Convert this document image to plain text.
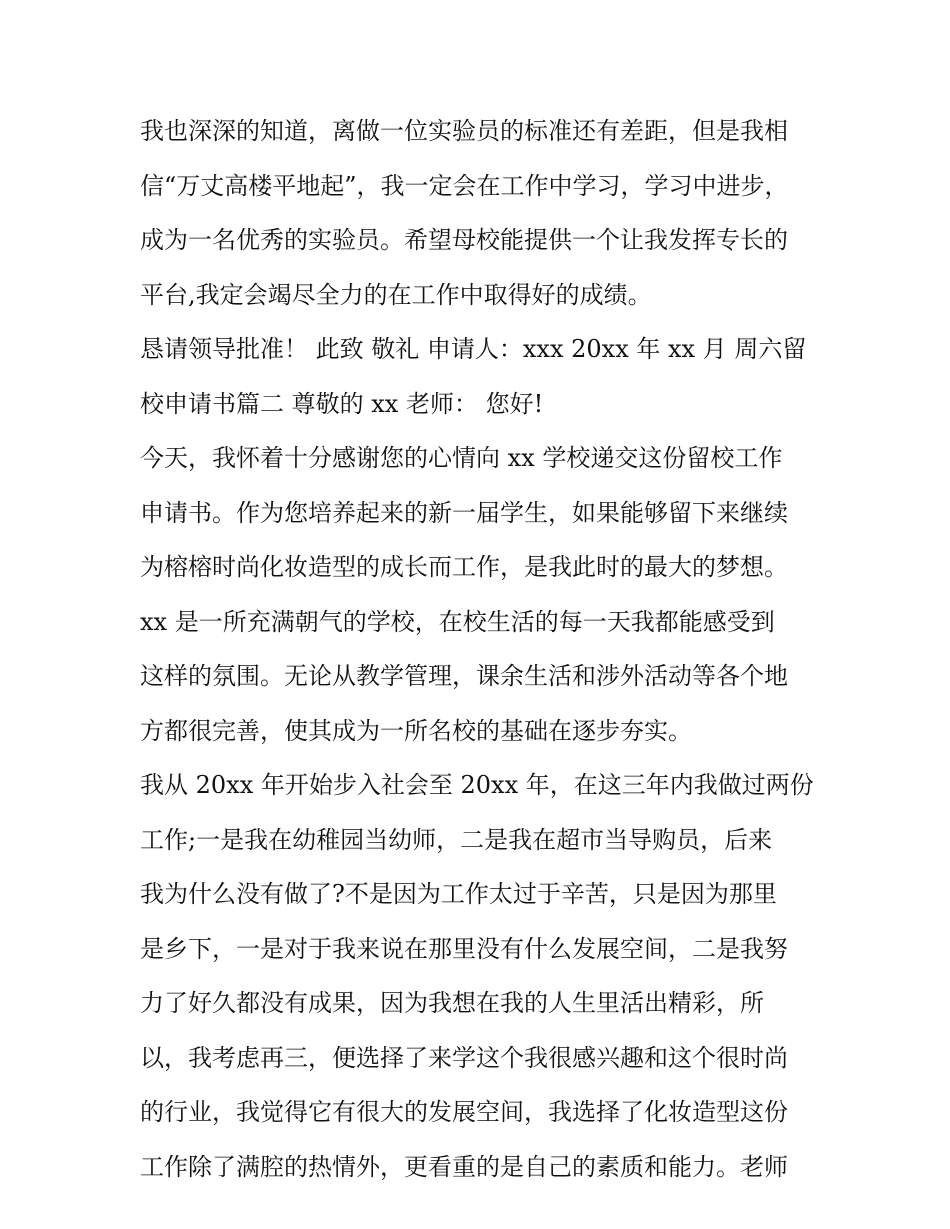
我也深深的知道，离做一位实验员的标准还有差距，但是我相
信“万丈高楼平地起”，我一定会在工作中学习，学习中进步，
成为一名优秀的实验员。希望母校能提供一个让我发挥专长的
平台,我定会竭尽全力的在工作中取得好的成绩。
恳请领导批准！ 此致 敬礼 申请人：xxx 20xx 年 xx 月 周六留
校申请书篇二 尊敬的 xx 老师： 您好!
今天，我怀着十分感谢您的心情向 xx 学校递交这份留校工作
申请书。作为您培养起来的新一届学生，如果能够留下来继续
为榕榕时尚化妆造型的成长而工作，是我此时的最大的梦想。
xx 是一所充满朝气的学校，在校生活的每一天我都能感受到
这样的氛围。无论从教学管理，课余生活和涉外活动等各个地
方都很完善，使其成为一所名校的基础在逐步夯实。
我从 20xx 年开始步入社会至 20xx 年，在这三年内我做过两份
工作;一是我在幼稚园当幼师，二是我在超市当导购员，后来
我为什么没有做了?不是因为工作太过于辛苦，只是因为那里
是乡下，一是对于我来说在那里没有什么发展空间，二是我努
力了好久都没有成果，因为我想在我的人生里活出精彩，所
以，我考虑再三，便选择了来学这个我很感兴趣和这个很时尚
的行业，我觉得它有很大的发展空间，我选择了化妆造型这份
工作除了满腔的热情外，更看重的是自己的素质和能力。老师
